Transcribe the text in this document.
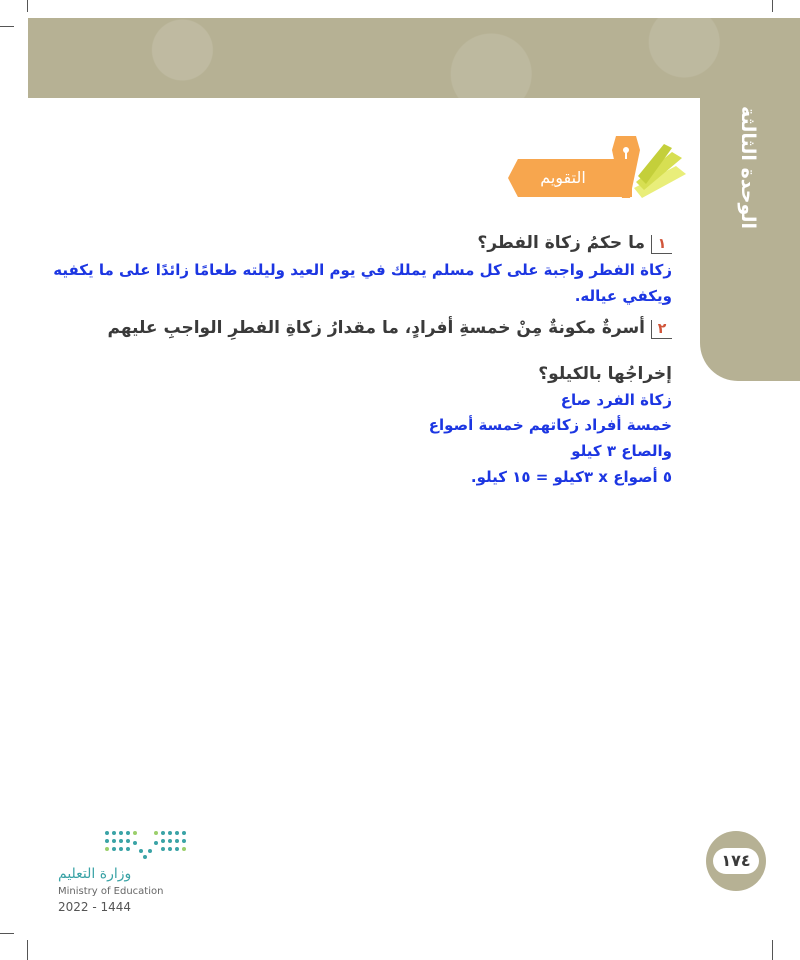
الوحدة الثالثة
التقويم
١ما حكمُ زكاة الفطر؟
زكاة الفطر واجبة على كل مسلم يملك في يوم العيد وليلته طعامًا زائدًا على ما يكفيه
ويكفي عياله.
٢أسرةٌ مكونةٌ مِنْ خمسةِ أفرادٍ، ما مقدارُ زكاةِ الفطرِ الواجبِ عليهم
إخراجُها بالكيلو؟
زكاة الفرد صاع
خمسة أفراد زكاتهم خمسة أصواع
والصاع ٣ كيلو
٥ أصواع x ٣كيلو = ١٥ كيلو.
١٧٤
وزارة التعليم
Ministry of Education
2022 - 1444
